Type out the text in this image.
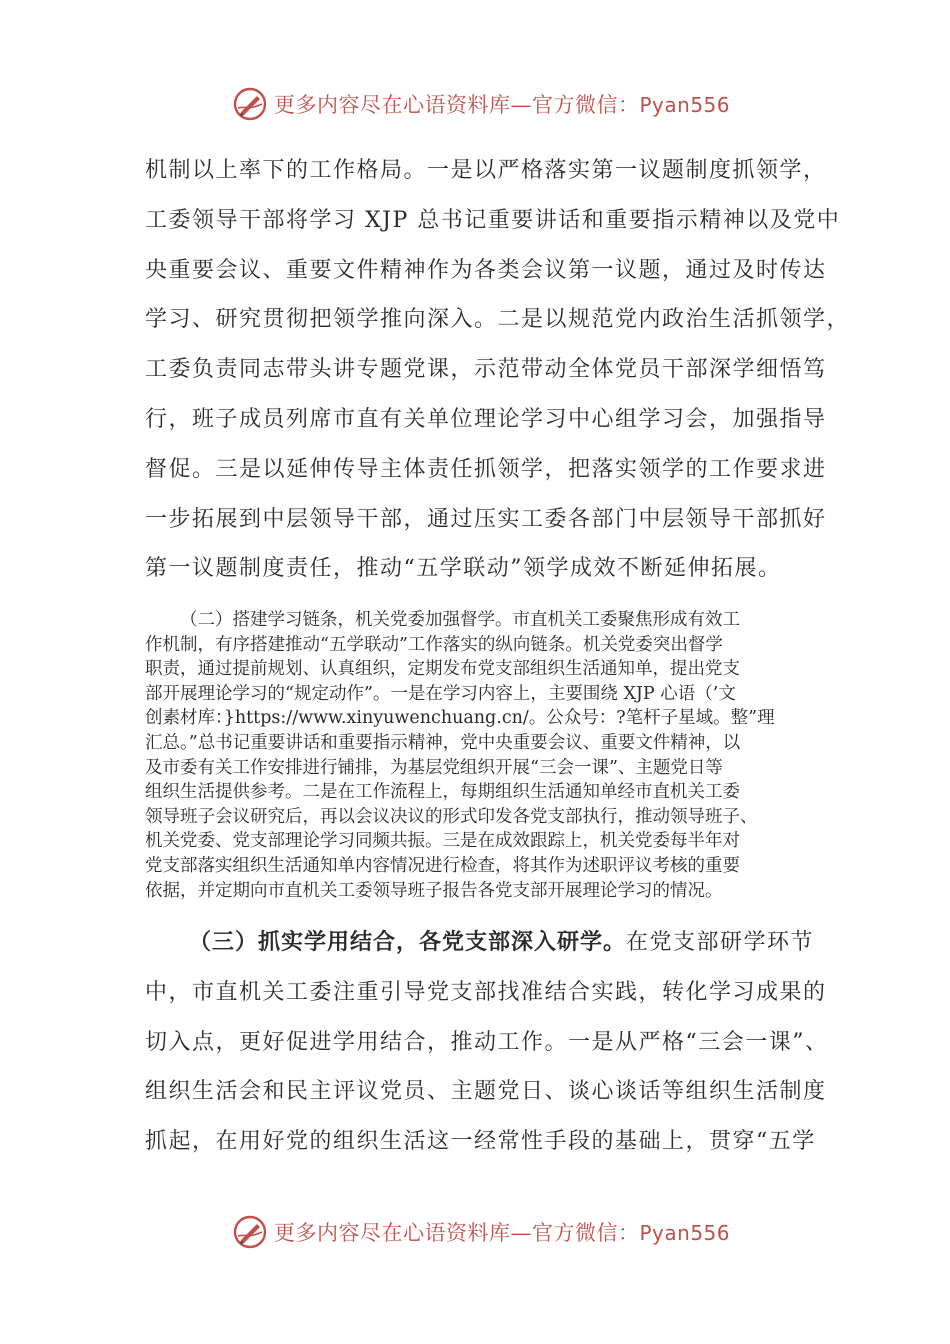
更多内容尽在心语资料库—官方微信：Pyan556
机制以上率下的工作格局。一是以严格落实第一议题制度抓领学，
工委领导干部将学习 XJP 总书记重要讲话和重要指示精神以及党中
央重要会议、重要文件精神作为各类会议第一议题，通过及时传达
学习、研究贯彻把领学推向深入。二是以规范党内政治生活抓领学，
工委负责同志带头讲专题党课，示范带动全体党员干部深学细悟笃
行，班子成员列席市直有关单位理论学习中心组学习会，加强指导
督促。三是以延伸传导主体责任抓领学，把落实领学的工作要求进
一步拓展到中层领导干部，通过压实工委各部门中层领导干部抓好
第一议题制度责任，推动“五学联动”领学成效不断延伸拓展。
（二）搭建学习链条，机关党委加强督学。市直机关工委聚焦形成有效工
作机制，有序搭建推动“五学联动”工作落实的纵向链条。机关党委突出督学
职责，通过提前规划、认真组织，定期发布党支部组织生活通知单，提出党支
部开展理论学习的“规定动作”。一是在学习内容上，主要围绕 XJP 心语（’文
创素材库：}https://www.xinyuwenchuang.cn/。公众号：?笔杆子星域。整”理
汇总。”总书记重要讲话和重要指示精神，党中央重要会议、重要文件精神，以
及市委有关工作安排进行铺排，为基层党组织开展“三会一课”、主题党日等
组织生活提供参考。二是在工作流程上，每期组织生活通知单经市直机关工委
领导班子会议研究后，再以会议决议的形式印发各党支部执行，推动领导班子、
机关党委、党支部理论学习同频共振。三是在成效跟踪上，机关党委每半年对
党支部落实组织生活通知单内容情况进行检查，将其作为述职评议考核的重要
依据，并定期向市直机关工委领导班子报告各党支部开展理论学习的情况。
（三）抓实学用结合，各党支部深入研学。在党支部研学环节
中，市直机关工委注重引导党支部找准结合实践，转化学习成果的
切入点，更好促进学用结合，推动工作。一是从严格“三会一课”、
组织生活会和民主评议党员、主题党日、谈心谈话等组织生活制度
抓起，在用好党的组织生活这一经常性手段的基础上，贯穿“五学
更多内容尽在心语资料库—官方微信：Pyan556
